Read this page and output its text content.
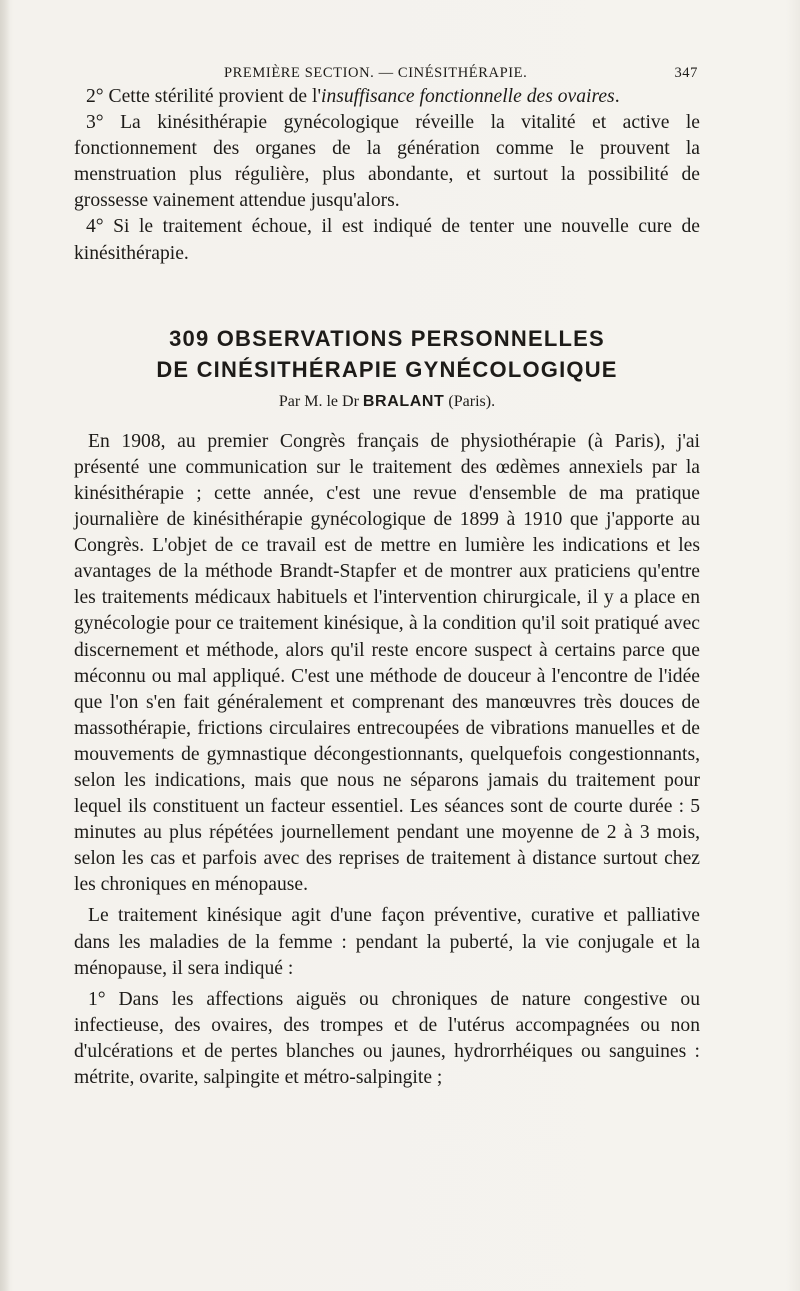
PREMIÈRE SECTION. — CINÉSITHÉRAPIE.	347

2° Cette stérilité provient de l'insuffisance fonctionnelle des ovaires.

3° La kinésithérapie gynécologique réveille la vitalité et active le fonctionnement des organes de la génération comme le prouvent la menstruation plus régulière, plus abondante, et surtout la possibilité de grossesse vainement attendue jusqu'alors.

4° Si le traitement échoue, il est indiqué de tenter une nouvelle cure de kinésithérapie.

309 OBSERVATIONS PERSONNELLES
DE CINÉSITHÉRAPIE GYNÉCOLOGIQUE
Par M. le Dr BRALANT (Paris).

En 1908, au premier Congrès français de physiothérapie (à Paris), j'ai présenté une communication sur le traitement des œdèmes annexiels par la kinésithérapie ; cette année, c'est une revue d'ensemble de ma pratique journalière de kinésithérapie gynécologique de 1899 à 1910 que j'apporte au Congrès. L'objet de ce travail est de mettre en lumière les indications et les avantages de la méthode Brandt-Stapfer et de montrer aux praticiens qu'entre les traitements médicaux habituels et l'intervention chirurgicale, il y a place en gynécologie pour ce traitement kinésique, à la condition qu'il soit pratiqué avec discernement et méthode, alors qu'il reste encore suspect à certains parce que méconnu ou mal appliqué. C'est une méthode de douceur à l'encontre de l'idée que l'on s'en fait généralement et comprenant des manœuvres très douces de massothérapie, frictions circulaires entrecoupées de vibrations manuelles et de mouvements de gymnastique décongestionnants, quelquefois congestionnants, selon les indications, mais que nous ne séparons jamais du traitement pour lequel ils constituent un facteur essentiel. Les séances sont de courte durée : 5 minutes au plus répétées journellement pendant une moyenne de 2 à 3 mois, selon les cas et parfois avec des reprises de traitement à distance surtout chez les chroniques en ménopause.

Le traitement kinésique agit d'une façon préventive, curative et palliative dans les maladies de la femme : pendant la puberté, la vie conjugale et la ménopause, il sera indiqué :

1° Dans les affections aiguës ou chroniques de nature congestive ou infectieuse, des ovaires, des trompes et de l'utérus accompagnées ou non d'ulcérations et de pertes blanches ou jaunes, hydrorrhéiques ou sanguines : métrite, ovarite, salpingite et métro-salpingite ;
